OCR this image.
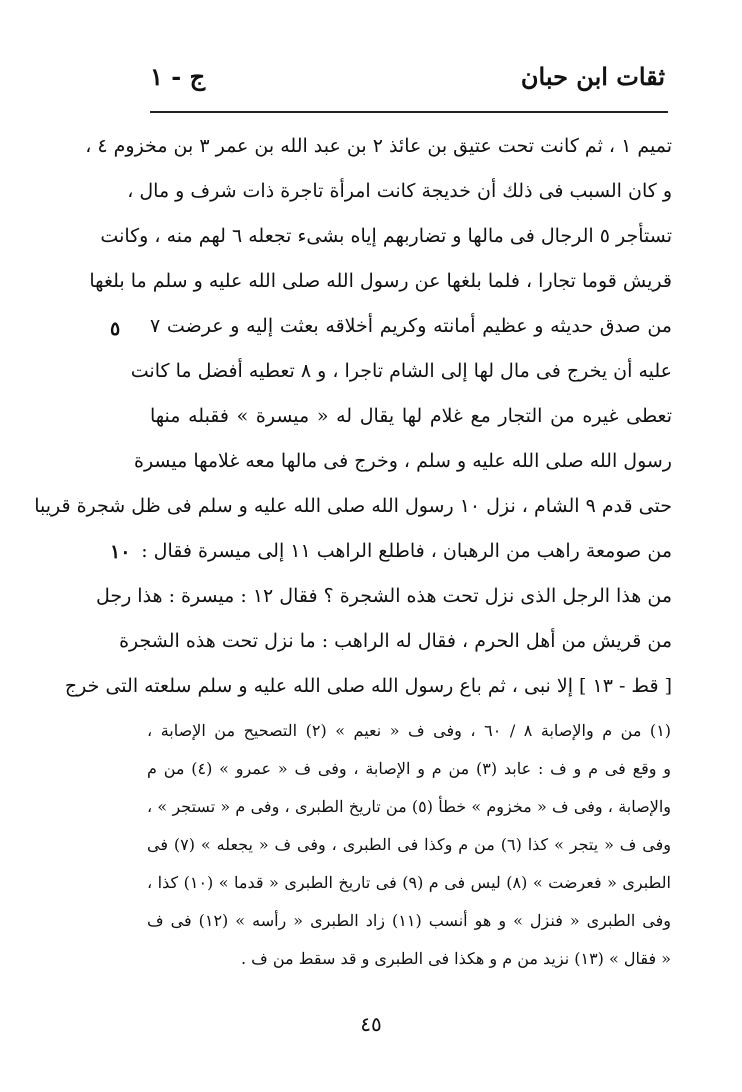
ثقات ابن حبان
ج - ١
تميم ١ ، ثم كانت تحت عتيق بن عائذ ٢ بن عبد الله بن عمر ٣ بن مخزوم ٤ ،
و كان السبب فى ذلك أن خديجة كانت امرأة تاجرة ذات شرف و مال ،
تستأجر ٥ الرجال فى مالها و تضاربهم إياه بشىء تجعله ٦ لهم منه ، وكانت
قريش قوما تجارا ، فلما بلغها عن رسول الله صلى الله عليه و سلم ما بلغها
من صدق حديثه و عظيم أمانته وكريم أخلاقه بعثت إليه و عرضت ٧
عليه أن يخرج فى مال لها إلى الشام تاجرا ، و ٨ تعطيه أفضل ما كانت
تعطى غيره من التجار مع غلام لها يقال له « ميسرة » فقبله منها
رسول الله صلى الله عليه و سلم ، وخرج فى مالها معه غلامها ميسرة
حتى قدم ٩ الشام ، نزل ١٠ رسول الله صلى الله عليه و سلم فى ظل شجرة قريبا
من صومعة راهب من الرهبان ، فاطلع الراهب ١١ إلى ميسرة فقال :
من هذا الرجل الذى نزل تحت هذه الشجرة ؟ فقال ١٢ : ميسرة : هذا رجل
من قريش من أهل الحرم ، فقال له الراهب : ما نزل تحت هذه الشجرة
[ قط - ١٣ ] إلا نبى ، ثم باع رسول الله صلى الله عليه و سلم سلعته التى خرج
٥
١٠
(١) من م والإصابة ٨ / ٦٠ ، وفى ف « نعيم » (٢) التصحيح من الإصابة ،
و وقع فى م و ف : عابد (٣) من م و الإصابة ، وفى ف « عمرو » (٤) من م
والإصابة ، وفى ف « مخزوم » خطأ (٥) من تاريخ الطبرى ، وفى م « تستجر » ،
وفى ف « يتجر » كذا (٦) من م وكذا فى الطبرى ، وفى ف « يجعله » (٧) فى
الطبرى « فعرضت » (٨) ليس فى م (٩) فى تاريخ الطبرى « قدما » (١٠) كذا ،
وفى الطبرى « فنزل » و هو أنسب (١١) زاد الطبرى « رأسه » (١٢) فى ف
« فقال » (١٣) نزيد من م و هكذا فى الطبرى و قد سقط من ف .
٤٥
